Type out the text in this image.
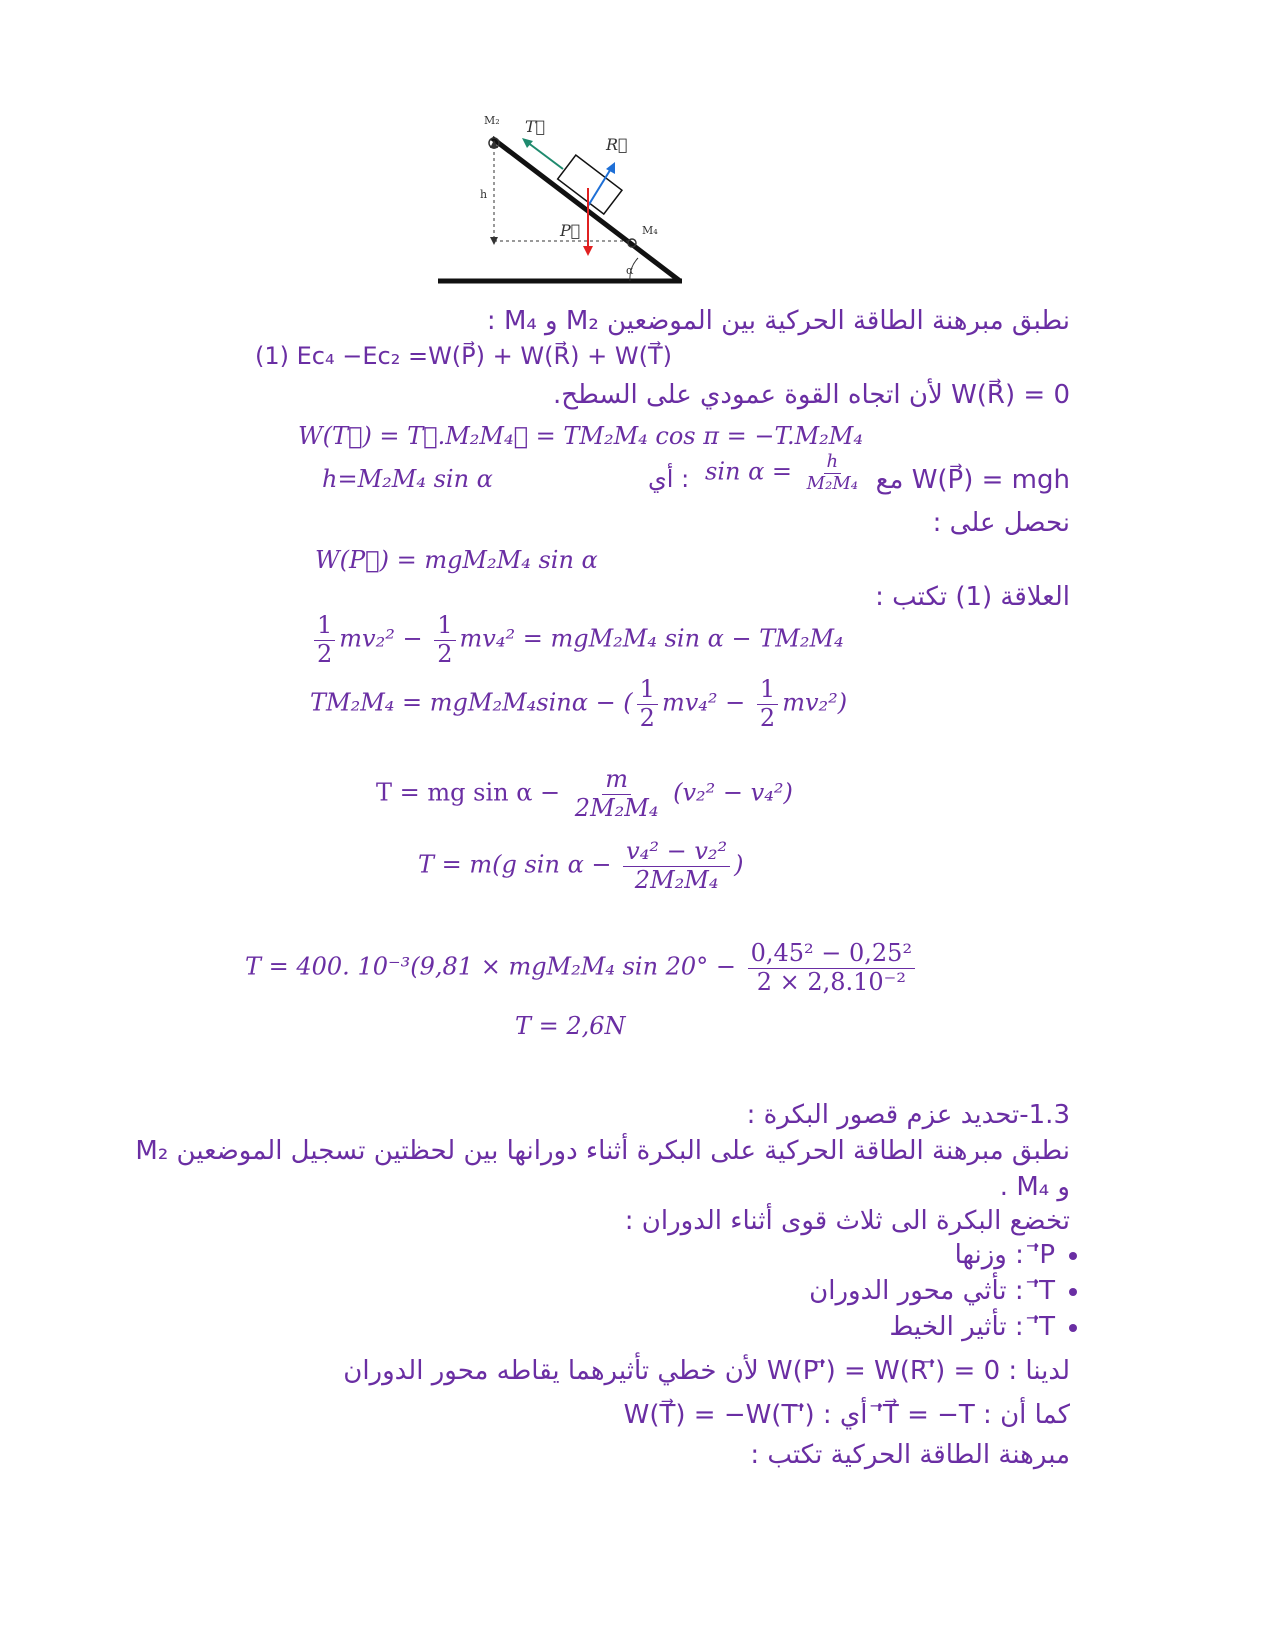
M₂
M₄
h
T⃗
R⃗
P⃗
α
نطبق مبرهنة الطاقة الحركية بين الموضعين M₂ و M₄ :
(1) Ec₄ −Ec₂ =W(P⃗) + W(R⃗) + W(T⃗)
W(R⃗) = 0 لأن اتجاه القوة عمودي على السطح.
W(T⃗) = T⃗.M₂M₄⃗ = TM₂M₄ cos π = −T.M₂M₄
h=M₂M₄ sin α	أي : $\sin \alpha = \frac{h}{\text{M₂M₄}}$ W(P⃗) = mgh مع
نحصل على :
W(P⃗) = mgM₂M₄ sin α
العلاقة (1) تكتب :
$\frac{1}{2} mv_2^2 - \frac{1}{2} mv_4^2 = mgM_2M_4$ sin α − TM₂M₄
TM₂M₄ = mgM₂M₄sinα − ( $\frac{1}{2} mv_4^2 - \frac{1}{2} mv_2^2$)
T = mg $\sin \alpha - \frac{m}{\text{2M₂M₄}} (v_2^2 - v_4^2)$
T = m(g $\sin \alpha - \frac{\text{v₄² − v₂²}}{\text{2M₂M₄}}$ )
T = 400. 10⁻³(9,81 × mgM₂M₄ $\sin 20^\circ - \frac{\text{0,45² − 0,25²}}{\text{2 × 2,8.10⁻²}}$
T = 2,6N
1.3-تحديد عزم قصور البكرة :
نطبق مبرهنة الطاقة الحركية على البكرة أثناء دورانها بين لحظتين تسجيل الموضعين M₂
و M₄ .
تخضع البكرة الى ثلاث قوى أثناء الدوران :
• P'⃗ : وزنها
• T'⃗ : تأثي محور الدوران
• T'⃗ : تأثير الخيط
لدينا : W(P'⃗) = W(R'⃗) = 0 لأن خطي تأثيرهما يقاطه محور الدوران
كما أن : T⃗ = −T'⃗ أي : W(T⃗) = −W(T'⃗)
مبرهنة الطاقة الحركية تكتب :
